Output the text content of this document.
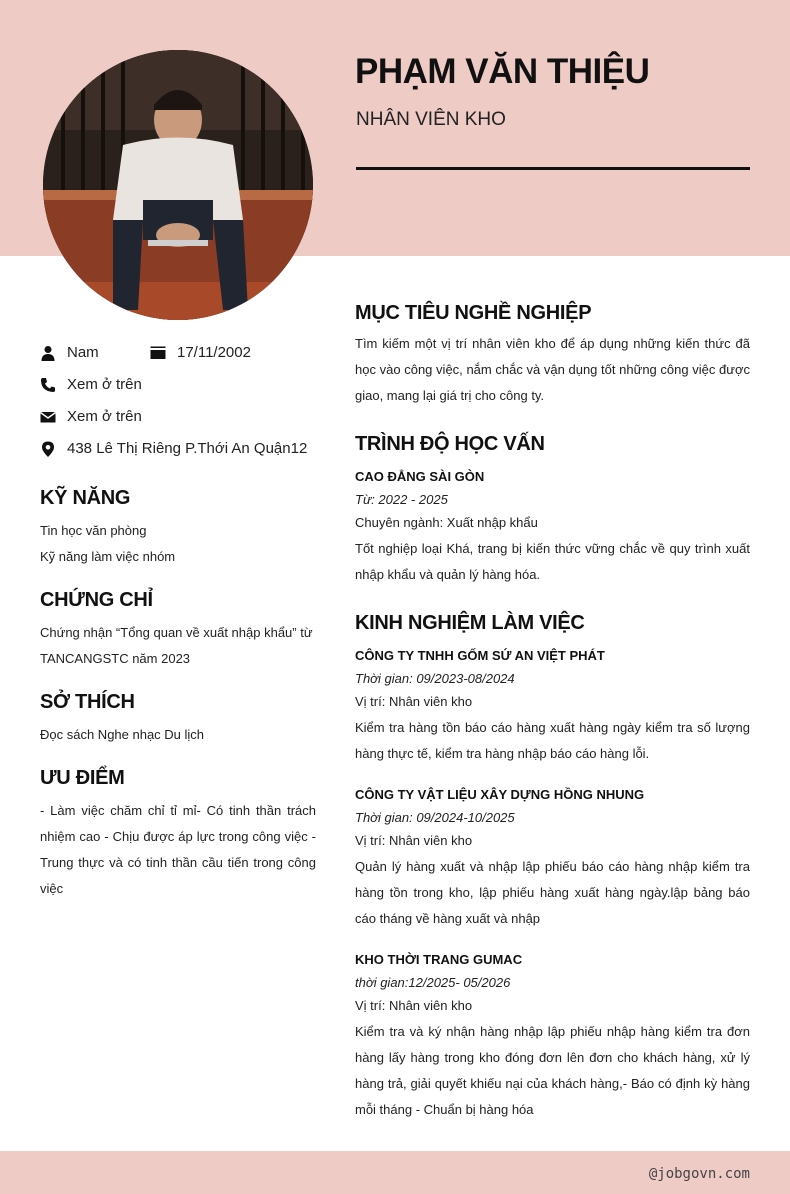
PHẠM VĂN THIỆU
NHÂN VIÊN KHO
Nam	17/11/2002
Xem ở trên
Xem ở trên
438 Lê Thị Riêng P.Thới An Quận12
KỸ NĂNG
Tin học văn phòng
Kỹ năng làm việc nhóm
CHỨNG CHỈ
Chứng nhận “Tổng quan về xuất nhập khẩu” từ
TANCANGSTC năm 2023
SỞ THÍCH
Đọc sách Nghe nhạc Du lịch
ƯU ĐIỂM
- Làm việc chăm chỉ tỉ mỉ- Có tinh thần trách nhiệm cao - Chịu được áp lực trong công việc - Trung thực và có tinh thần cầu tiến trong công việc
MỤC TIÊU NGHỀ NGHIỆP
Tìm kiếm một vị trí nhân viên kho để áp dụng những kiến thức đã học vào công việc, nắm chắc và vận dụng tốt những công việc được giao, mang lại giá trị cho công ty.
TRÌNH ĐỘ HỌC VẤN
CAO ĐẲNG SÀI GÒN
Từ: 2022 - 2025
Chuyên ngành: Xuất nhập khẩu
Tốt nghiệp loại Khá, trang bị kiến thức vững chắc về quy trình xuất nhập khẩu và quản lý hàng hóa.
KINH NGHIỆM LÀM VIỆC
CÔNG TY TNHH GỐM SỨ AN VIỆT PHÁT
Thời gian: 09/2023-08/2024
Vị trí: Nhân viên kho
Kiểm tra hàng tồn báo cáo hàng xuất hàng ngày kiểm tra số lượng hàng thực tế, kiểm tra hàng nhập báo cáo hàng lỗi.
CÔNG TY VẬT LIỆU XÂY DỰNG HỒNG NHUNG
Thời gian: 09/2024-10/2025
Vị trí: Nhân viên kho
Quản lý hàng xuất và nhập lập phiếu báo cáo hàng nhập kiểm tra hàng tồn trong kho, lập phiếu hàng xuất hàng ngày.lập bảng báo cáo tháng về hàng xuất và nhập
KHO THỜI TRANG GUMAC
thời gian:12/2025- 05/2026
Vị trí: Nhân viên kho
Kiểm tra và ký nhận hàng nhập lập phiếu nhập hàng kiểm tra đơn hàng lấy hàng trong kho đóng đơn lên đơn cho khách hàng, xử lý hàng trả, giải quyết khiếu nại của khách hàng,- Báo có định kỳ hàng mỗi tháng - Chuẩn bị hàng hóa
@jobgovn.com
